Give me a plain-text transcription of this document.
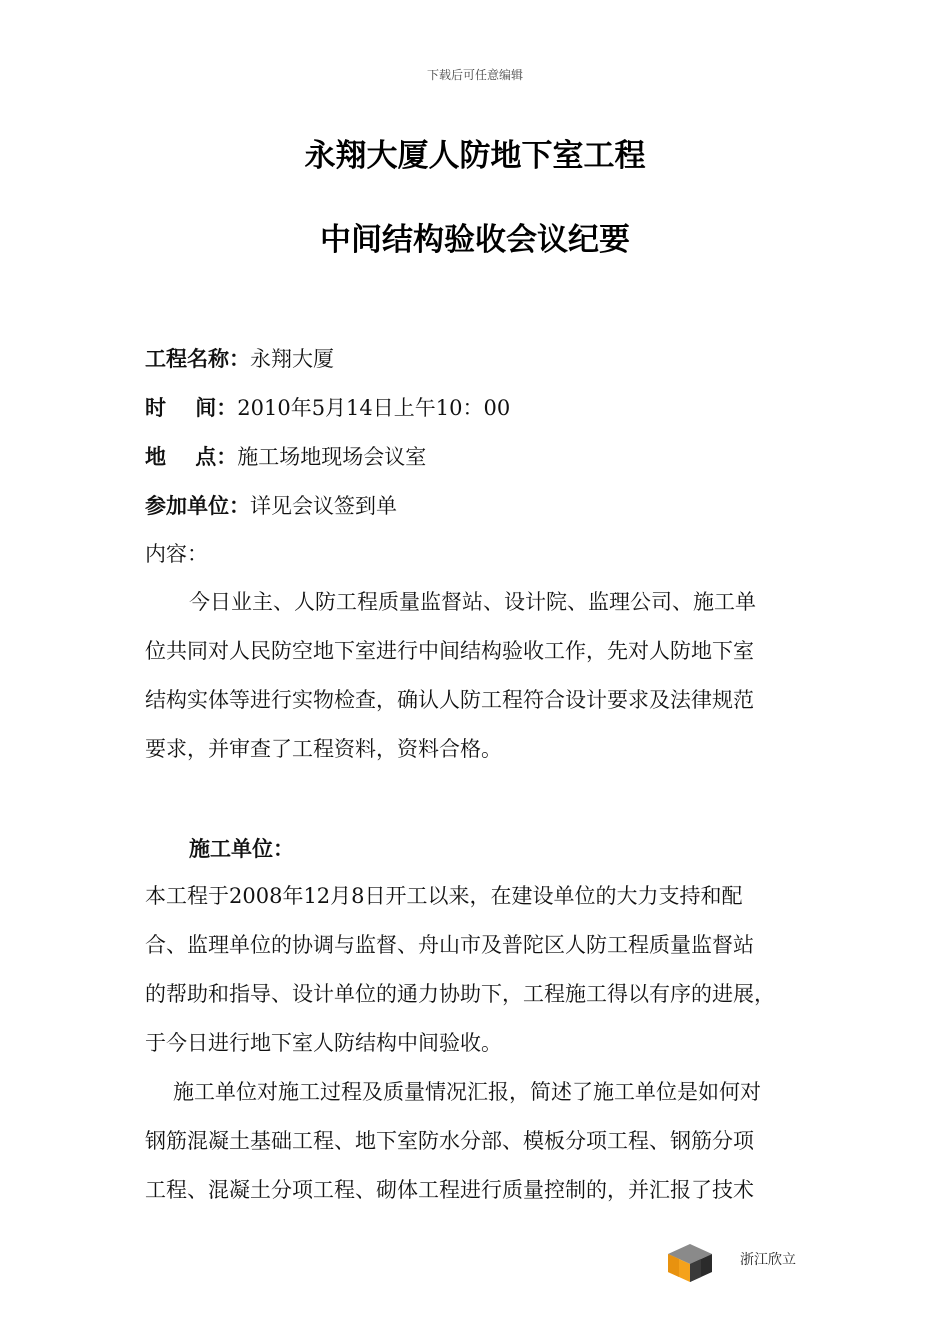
下载后可任意编辑
永翔大厦人防地下室工程
中间结构验收会议纪要
工程名称：永翔大厦
时    间：2010年5月14日上午10：00
地    点：施工场地现场会议室
参加单位：详见会议签到单
内容：
今日业主、人防工程质量监督站、设计院、监理公司、施工单
位共同对人民防空地下室进行中间结构验收工作，先对人防地下室
结构实体等进行实物检查，确认人防工程符合设计要求及法律规范
要求，并审查了工程资料，资料合格。
施工单位：
本工程于2008年12月8日开工以来，在建设单位的大力支持和配
合、监理单位的协调与监督、舟山市及普陀区人防工程质量监督站
的帮助和指导、设计单位的通力协助下，工程施工得以有序的进展，
于今日进行地下室人防结构中间验收。
施工单位对施工过程及质量情况汇报，简述了施工单位是如何对
钢筋混凝土基础工程、地下室防水分部、模板分项工程、钢筋分项
工程、混凝土分项工程、砌体工程进行质量控制的，并汇报了技术
浙江欣立
